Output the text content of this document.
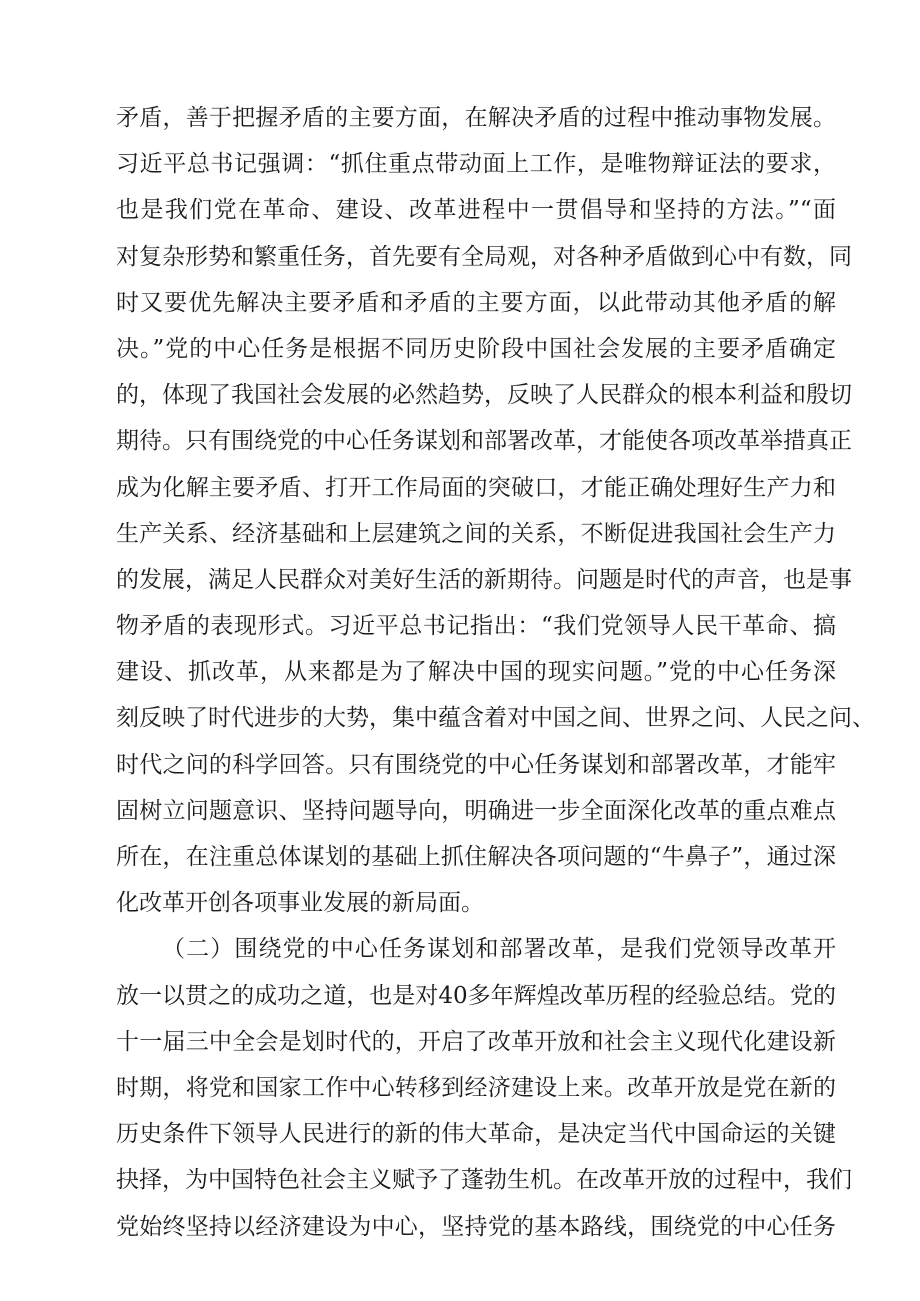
矛盾，善于把握矛盾的主要方面，在解决矛盾的过程中推动事物发展。
习近平总书记强调：“抓住重点带动面上工作，是唯物辩证法的要求，
也是我们党在革命、建设、改革进程中一贯倡导和坚持的方法。”“面
对复杂形势和繁重任务，首先要有全局观，对各种矛盾做到心中有数，同
时又要优先解决主要矛盾和矛盾的主要方面，以此带动其他矛盾的解
决。”党的中心任务是根据不同历史阶段中国社会发展的主要矛盾确定
的，体现了我国社会发展的必然趋势，反映了人民群众的根本利益和殷切
期待。只有围绕党的中心任务谋划和部署改革，才能使各项改革举措真正
成为化解主要矛盾、打开工作局面的突破口，才能正确处理好生产力和
生产关系、经济基础和上层建筑之间的关系，不断促进我国社会生产力
的发展，满足人民群众对美好生活的新期待。问题是时代的声音，也是事
物矛盾的表现形式。习近平总书记指出：“我们党领导人民干革命、搞
建设、抓改革，从来都是为了解决中国的现实问题。”党的中心任务深
刻反映了时代进步的大势，集中蕴含着对中国之间、世界之问、人民之问、
时代之问的科学回答。只有围绕党的中心任务谋划和部署改革，才能牢
固树立问题意识、坚持问题导向，明确进一步全面深化改革的重点难点
所在，在注重总体谋划的基础上抓住解决各项问题的“牛鼻子”，通过深
化改革开创各项事业发展的新局面。
（二）围绕党的中心任务谋划和部署改革，是我们党领导改革开
放一以贯之的成功之道，也是对40多年辉煌改革历程的经验总结。党的
十一届三中全会是划时代的，开启了改革开放和社会主义现代化建设新
时期，将党和国家工作中心转移到经济建设上来。改革开放是党在新的
历史条件下领导人民进行的新的伟大革命，是决定当代中国命运的关键
抉择，为中国特色社会主义赋予了蓬勃生机。在改革开放的过程中，我们
党始终坚持以经济建设为中心，坚持党的基本路线，围绕党的中心任务
